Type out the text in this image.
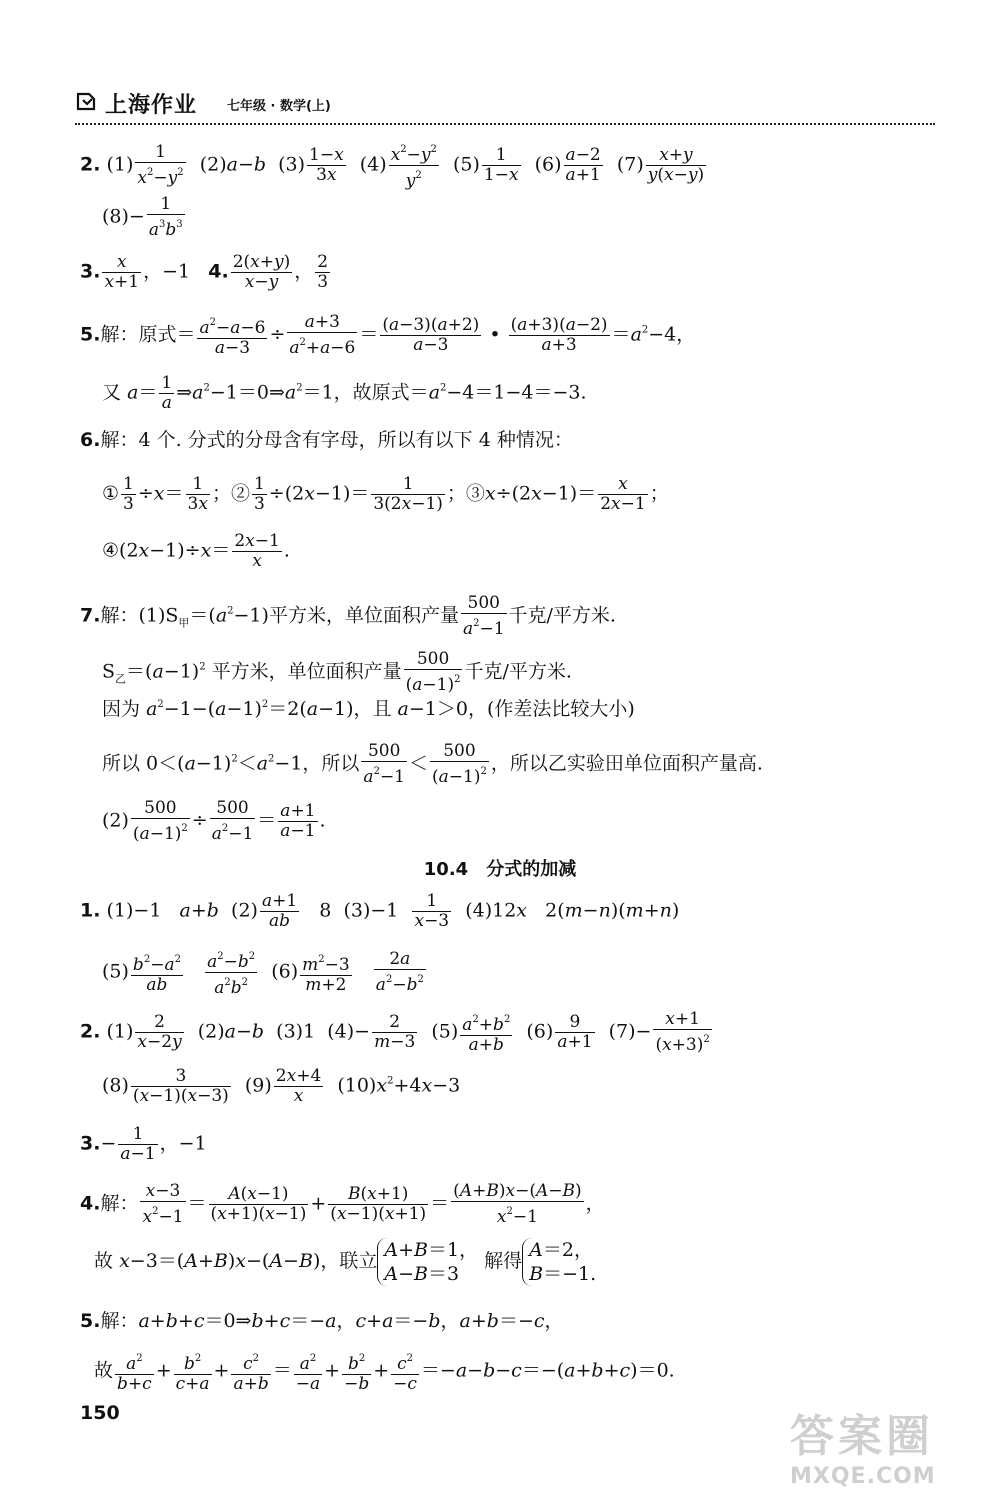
上海作业 七年级 · 数学(上)
2. $(1) \frac{1}{x^2-y^2} (2)a-b$  $(3) \frac{1-x}{3x} (4) \frac{x^2-y^2}{y^2} (5) \frac{1}{1-x} (6) \frac{a-2}{a+1} (7) \frac{x+y}{y(x-y)}$
$(8)- \frac{1}{a^3b^3}$
3. $\frac{x}{x+1}$ ，−1   4. $\frac{2(x+y)}{x-y}$ ， $\frac{2}{3}$
5.解：原式＝ $\frac{a^2-a-6}{a-3} \div \frac{a+3}{a^2+a-6} = \frac{(a-3)(a+2)}{a-3}$ • $\frac{(a+3)(a-2)}{a+3} =a^2-4$，
又 $a= \frac{1}{a}$ $\Rightarrow a^2-1=0\Rightarrow a^2=1$，故原式$=a^2-4=1-4=-3$.
6.解：4 个. 分式的分母含有字母，所以有以下 4 种情况：
① $\frac{1}{3} \div x= \frac{1}{3x}$ ；② $\frac{1}{3} \div(2x-1)= \frac{1}{3(2x-1)}$ ；③x÷(2x−1)＝ $\frac{x}{2x-1}$ ；
④(2x−1)÷x＝ $\frac{2x-1}{x}$ .
7.解：$(1)S_甲=(a^2-1)$平方米，单位面积产量 $\frac{500}{a^2-1}$ 千克/平方米.
$S_乙=(a-1)^2$ 平方米，单位面积产量 $\frac{500}{(a-1)^2}$ 千克/平方米.
因为 $a^2-1-(a-1)^2=2(a-1)$，且 a−1＞0，(作差法比较大小)
所以 $0<(a-1)^2<a^2-1$，所以 $\frac{500}{a^2-1} < \frac{500}{(a-1)^2}$ ，所以乙实验田单位面积产量高.
$(2) \frac{500}{(a-1)^2} \div \frac{500}{a^2-1} = \frac{a+1}{a-1}$ .
10.4　分式的加减
1. (1)−1   a+b  $(2) \frac{a+1}{ab} 8$  $(3)-1 \frac{1}{x-3} (4)12x$   2(m−n)(m+n)
$(5) \frac{b^2-a^2}{ab}$
$\frac{a^2-b^2}{a^2b^2} (6) \frac{m^2-3}{m+2}$
$\frac{2a}{a^2-b^2}$
2. $(1) \frac{2}{x-2y} (2)a-b$  (3)1  $(4)- \frac{2}{m-3} (5) \frac{a^2+b^2}{a+b} (6) \frac{9}{a+1} (7)- \frac{x+1}{(x+3)^2}$
$(8) \frac{3}{(x-1)(x-3)} (9) \frac{2x+4}{x} (10)x^2+4x-3$
$3.- \frac{1}{a-1}$ ，−1
4.解： $\frac{x-3}{x^2-1} = \frac{A(x-1)}{(x+1)(x-1)} + \frac{B(x+1)}{(x-1)(x+1)} = \frac{(A+B)x-(A-B)}{x^2-1}$ ，
故 x−3＝(A+B)x−(A−B)，联立 A+B＝1，
A−B＝3 解得 A＝2，
B＝−1.
5.解：a+b+c＝0⇒b+c＝−a，c+a＝−b，a+b＝−c，
故 $\frac{a^2}{b+c} + \frac{b^2}{c+a} + \frac{c^2}{a+b} = \frac{a^2}{-a} + \frac{b^2}{-b} + \frac{c^2}{-c} =-a-b-c=-(a+b+c)=0$.
150	答案圈
MXQE.COM
